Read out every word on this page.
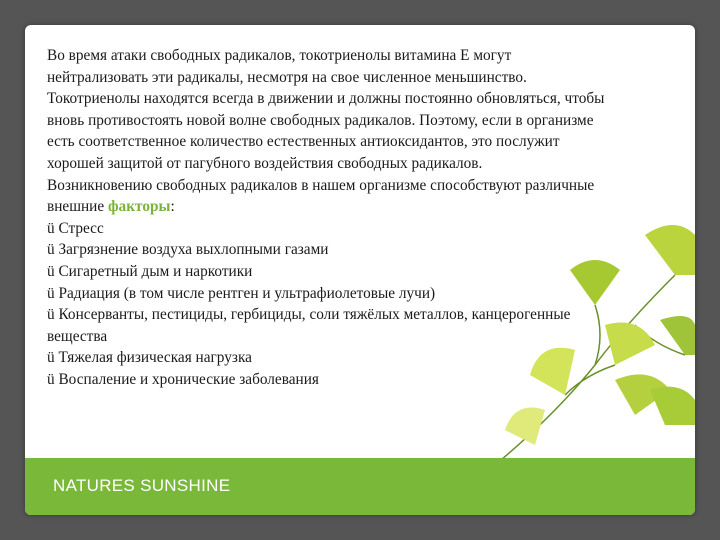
Во время атаки свободных радикалов, токотриенолы витамина Е могут нейтрализовать эти радикалы, несмотря на свое численное меньшинство. Токотриенолы находятся всегда в движении и должны постоянно обновляться, чтобы вновь противостоять новой волне свободных радикалов. Поэтому, если в организме есть соответственное количество естественных антиоксидантов, это послужит хорошей защитой от пагубного воздействия свободных радикалов.

Возникновению свободных радикалов в нашем организме способствуют различные внешние факторы:

ü Стресс

ü Загрязнение воздуха выхлопными газами

ü Сигаретный дым и наркотики

ü Радиация (в том числе рентген и ультрафиолетовые лучи)

ü Консерванты, пестициды, гербициды, соли тяжёлых металлов, канцерогенные вещества

ü Тяжелая физическая нагрузка

ü Воспаление и хронические заболевания

NATURES SUNSHINE
